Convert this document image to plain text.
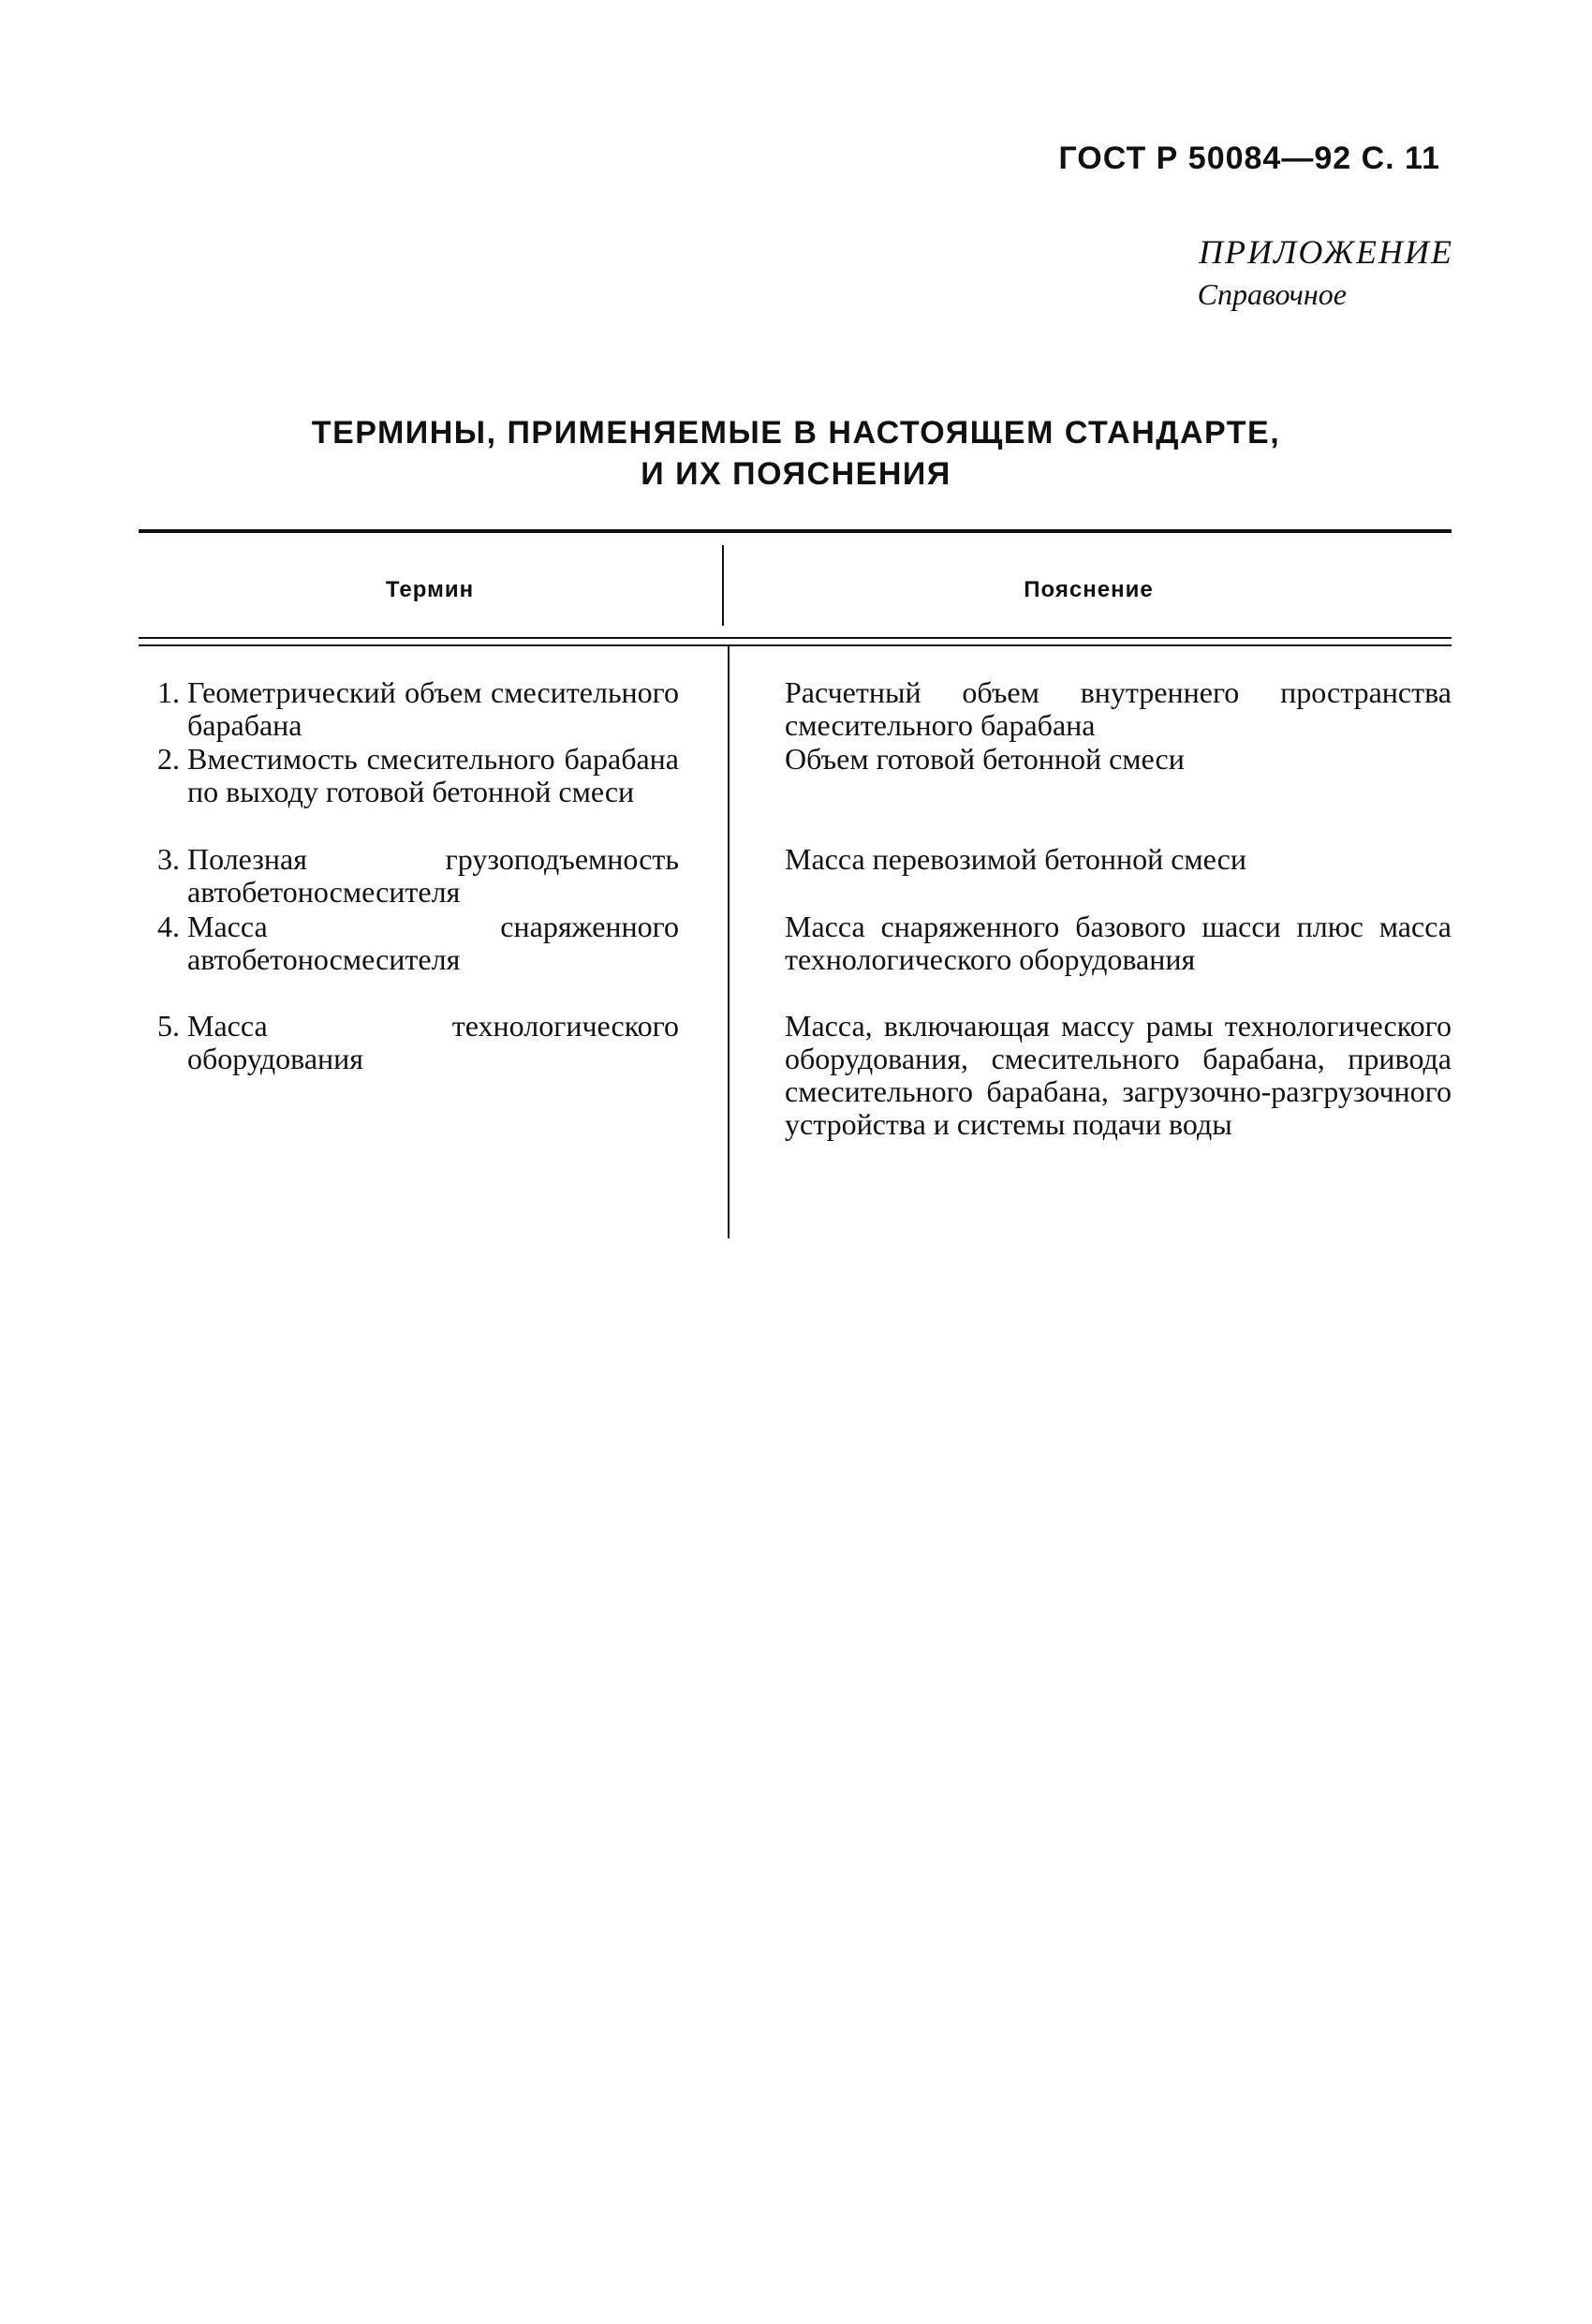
ГОСТ Р 50084—92 С. 11
ПРИЛОЖЕНИЕ
Справочное
ТЕРМИНЫ, ПРИМЕНЯЕМЫЕ В НАСТОЯЩЕМ СТАНДАРТЕ,
И ИХ ПОЯСНЕНИЯ
Термин	Пояснение
1. Геометрический объем смесительного барабана
Расчетный объем внутреннего пространства смесительного барабана
2. Вместимость смесительного барабана по выходу готовой бетонной смеси
Объем готовой бетонной смеси
3. Полезная грузоподъемность автобетоносмесителя
Масса перевозимой бетонной смеси
4. Масса снаряженного автобетоносмесителя
Масса снаряженного базового шасси плюс масса технологического оборудования
5. Масса технологического оборудования
Масса, включающая массу рамы технологического оборудования, смесительного барабана, привода смесительного барабана, загрузочно-разгрузочного устройства и системы подачи воды
